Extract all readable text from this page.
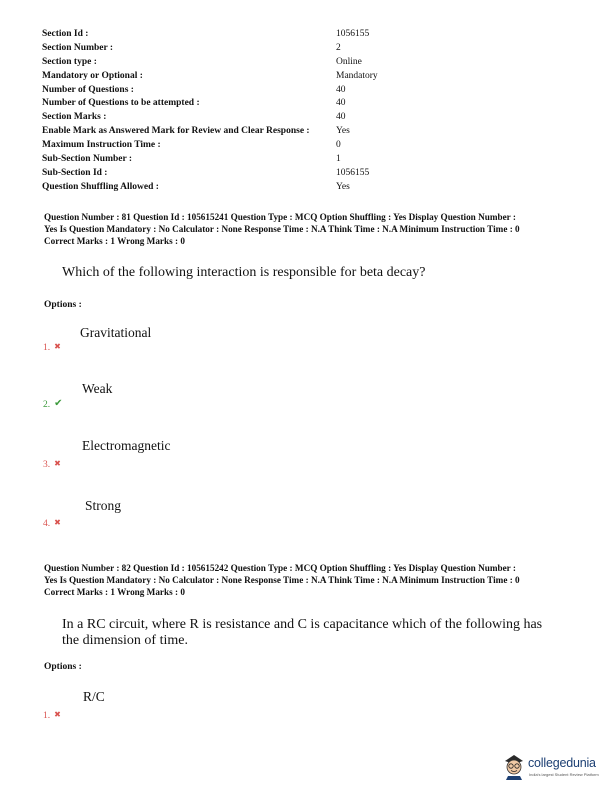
Section Id :	1056155
Section Number :	2
Section type :	Online
Mandatory or Optional :	Mandatory
Number of Questions :	40
Number of Questions to be attempted :	40
Section Marks :	40
Enable Mark as Answered Mark for Review and Clear Response :	Yes
Maximum Instruction Time :	0
Sub-Section Number :	1
Sub-Section Id :	1056155
Question Shuffling Allowed :	Yes
Question Number : 81 Question Id : 105615241 Question Type : MCQ Option Shuffling : Yes Display Question Number :
Yes Is Question Mandatory : No Calculator : None Response Time : N.A Think Time : N.A Minimum Instruction Time : 0
Correct Marks : 1 Wrong Marks : 0
Which of the following interaction is responsible for beta decay?
Options :
Gravitational
1. ✖
Weak
2. ✔
Electromagnetic
3. ✖
Strong
4. ✖
Question Number : 82 Question Id : 105615242 Question Type : MCQ Option Shuffling : Yes Display Question Number :
Yes Is Question Mandatory : No Calculator : None Response Time : N.A Think Time : N.A Minimum Instruction Time : 0
Correct Marks : 1 Wrong Marks : 0
In a RC circuit, where R is resistance and C is capacitance which of the following has
the dimension of time.
Options :
R/C
1. ✖
collegedunia
India's largest Student Review Platform
